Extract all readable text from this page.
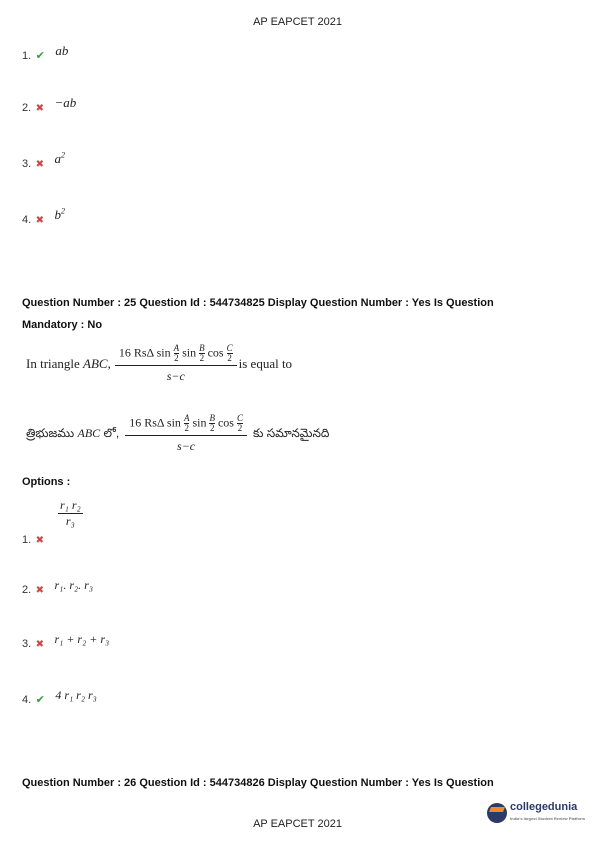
AP EAPCET 2021
1. ✔ $^{ab}$
2. ✖ $^{-ab}$
3. ✖ $^{a^2}$
4. ✖ $^{b^2}$
Question Number : 25 Question Id : 544734825 Display Question Number : Yes Is Question
Mandatory : No
In triangle ABC, $\frac{16 Rs\Delta \sin \frac{A}{2} \sin \frac{B}{2} \cos \frac{C}{2}}{s-c}$ is equal to
త్రిభుజము ABC లో, $\frac{16 Rs\Delta \sin \frac{A}{2} \sin \frac{B}{2} \cos \frac{C}{2}}{s-c}$ కు సమానమైనది
Options :
$\frac{\text{r₁ r₂}}{\text{r₃}}$
1. ✖
2. ✖ $^{r_1. r_2. r_3}$
3. ✖ $^{r_1 + r_2 + r_3}$
4. ✔ $^{4 r_1 r_2 r_3}$
Question Number : 26 Question Id : 544734826 Display Question Number : Yes Is Question
AP EAPCET 2021
collegedunia
India's largest Student Review Platform
